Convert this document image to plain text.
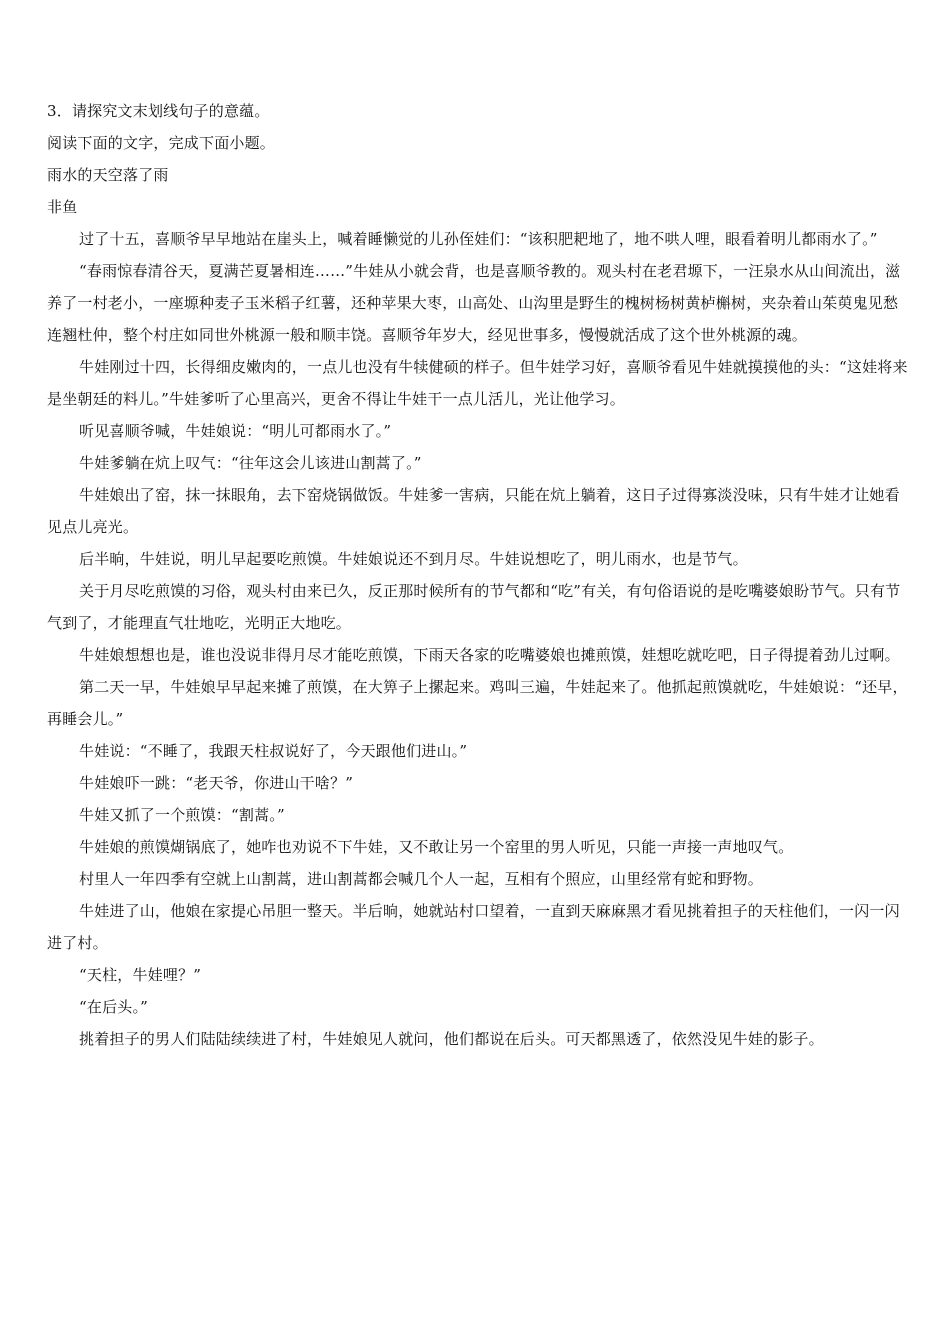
3．请探究文末划线句子的意蕴。

阅读下面的文字，完成下面小题。

雨水的天空落了雨

非鱼

过了十五，喜顺爷早早地站在崖头上，喊着睡懒觉的儿孙侄娃们：“该积肥耙地了，地不哄人哩，眼看着明儿都雨水了。”

“春雨惊春清谷天，夏满芒夏暑相连……”牛娃从小就会背，也是喜顺爷教的。观头村在老君塬下，一汪泉水从山间流出，滋养了一村老小，一座塬种麦子玉米稻子红薯，还种苹果大枣，山高处、山沟里是野生的槐树杨树黄栌槲树，夹杂着山茱萸鬼见愁连翘杜仲，整个村庄如同世外桃源一般和顺丰饶。喜顺爷年岁大，经见世事多，慢慢就活成了这个世外桃源的魂。

牛娃刚过十四，长得细皮嫩肉的，一点儿也没有牛犊健硕的样子。但牛娃学习好，喜顺爷看见牛娃就摸摸他的头：“这娃将来是坐朝廷的料儿。”牛娃爹听了心里高兴，更舍不得让牛娃干一点儿活儿，光让他学习。

听见喜顺爷喊，牛娃娘说：“明儿可都雨水了。”

牛娃爹躺在炕上叹气：“往年这会儿该进山割蒿了。”

牛娃娘出了窑，抹一抹眼角，去下窑烧锅做饭。牛娃爹一害病，只能在炕上躺着，这日子过得寡淡没味，只有牛娃才让她看见点儿亮光。

后半晌，牛娃说，明儿早起要吃煎馍。牛娃娘说还不到月尽。牛娃说想吃了，明儿雨水，也是节气。

关于月尽吃煎馍的习俗，观头村由来已久，反正那时候所有的节气都和“吃”有关，有句俗语说的是吃嘴婆娘盼节气。只有节气到了，才能理直气壮地吃，光明正大地吃。

牛娃娘想想也是，谁也没说非得月尽才能吃煎馍，下雨天各家的吃嘴婆娘也摊煎馍，娃想吃就吃吧，日子得提着劲儿过啊。

第二天一早，牛娃娘早早起来摊了煎馍，在大箅子上摞起来。鸡叫三遍，牛娃起来了。他抓起煎馍就吃，牛娃娘说：“还早，再睡会儿。”

牛娃说：“不睡了，我跟天柱叔说好了，今天跟他们进山。”

牛娃娘吓一跳：“老天爷，你进山干啥？”

牛娃又抓了一个煎馍：“割蒿。”

牛娃娘的煎馍煳锅底了，她咋也劝说不下牛娃，又不敢让另一个窑里的男人听见，只能一声接一声地叹气。

村里人一年四季有空就上山割蒿，进山割蒿都会喊几个人一起，互相有个照应，山里经常有蛇和野物。

牛娃进了山，他娘在家提心吊胆一整天。半后晌，她就站村口望着，一直到天麻麻黑才看见挑着担子的天柱他们，一闪一闪进了村。

“天柱，牛娃哩？”

“在后头。”

挑着担子的男人们陆陆续续进了村，牛娃娘见人就问，他们都说在后头。可天都黑透了，依然没见牛娃的影子。
